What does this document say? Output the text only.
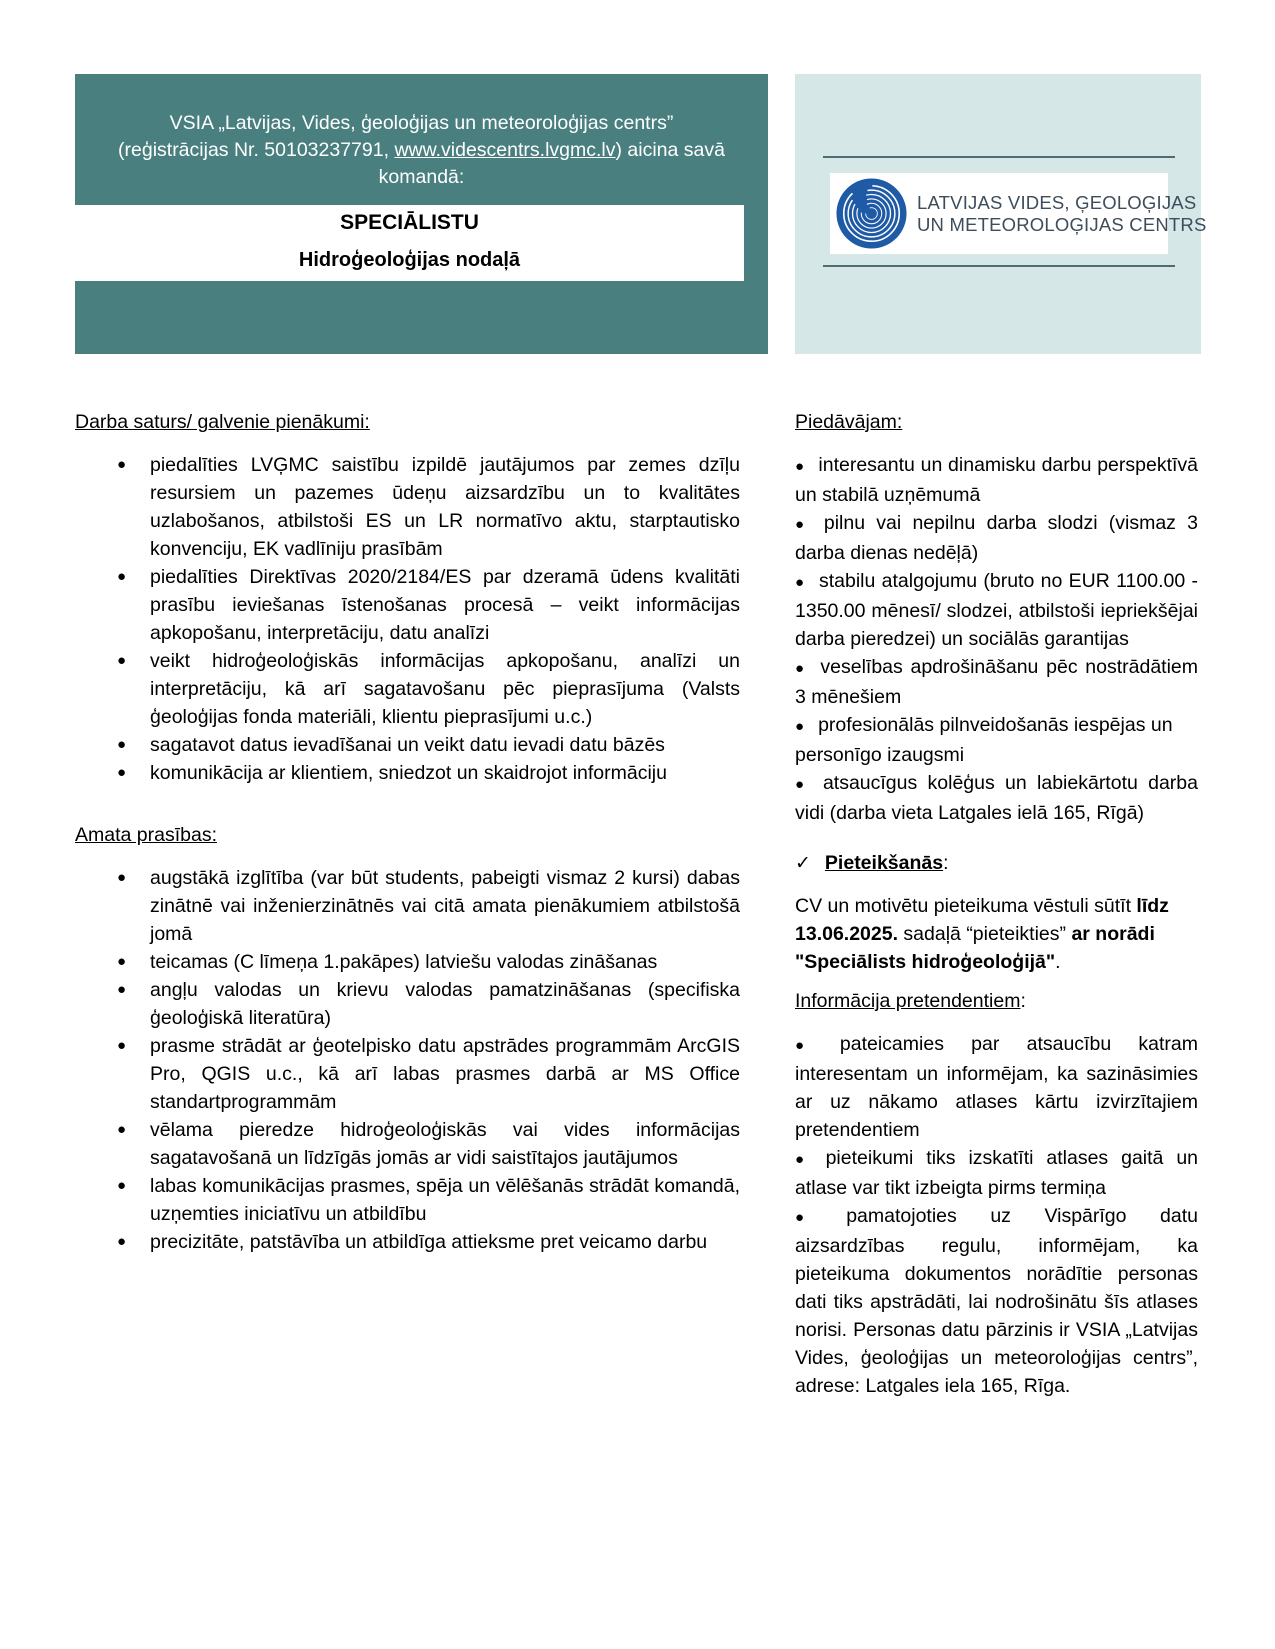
VSIA „Latvijas, Vides, ģeoloģijas un meteoroloģijas centrs”
(reģistrācijas Nr. 50103237791, www.videscentrs.lvgmc.lv) aicina savā
komandā:
SPECIĀLISTU
Hidroģeoloģijas nodaļā
LATVIJAS VIDES, ĢEOLOĢIJAS
UN METEOROLOĢIJAS CENTRS
Darba saturs/ galvenie pienākumi:
● piedalīties LVĢMC saistību izpildē jautājumos par zemes dzīļu resursiem un pazemes ūdeņu aizsardzību un to kvalitātes uzlabošanos, atbilstoši ES un LR normatīvo aktu, starptautisko konvenciju, EK vadlīniju prasībām
● piedalīties Direktīvas 2020/2184/ES par dzeramā ūdens kvalitāti prasību ieviešanas īstenošanas procesā – veikt informācijas apkopošanu, interpretāciju, datu analīzi
● veikt hidroģeoloģiskās informācijas apkopošanu, analīzi un interpretāciju, kā arī sagatavošanu pēc pieprasījuma (Valsts ģeoloģijas fonda materiāli, klientu pieprasījumi u.c.)
● sagatavot datus ievadīšanai un veikt datu ievadi datu bāzēs
● komunikācija ar klientiem, sniedzot un skaidrojot informāciju
Amata prasības:
● augstākā izglītība (var būt students, pabeigti vismaz 2 kursi) dabas zinātnē vai inženierzinātnēs vai citā amata pienākumiem atbilstošā jomā
● teicamas (C līmeņa 1.pakāpes) latviešu valodas zināšanas
● angļu valodas un krievu valodas pamatzināšanas (specifiska ģeoloģiskā literatūra)
● prasme strādāt ar ģeotelpisko datu apstrādes programmām ArcGIS Pro, QGIS u.c., kā arī labas prasmes darbā ar MS Office standartprogrammām
● vēlama pieredze hidroģeoloģiskās vai vides informācijas sagatavošanā un līdzīgās jomās ar vidi saistītajos jautājumos
● labas komunikācijas prasmes, spēja un vēlēšanās strādāt komandā, uzņemties iniciatīvu un atbildību
● precizitāte, patstāvība un atbildīga attieksme pret veicamo darbu
Piedāvājam:
● interesantu un dinamisku darbu perspektīvā un stabilā uzņēmumā
● pilnu vai nepilnu darba slodzi (vismaz 3 darba dienas nedēļā)
● stabilu atalgojumu (bruto no EUR 1100.00 - 1350.00 mēnesī/ slodzei, atbilstoši iepriekšējai darba pieredzei) un sociālās garantijas
● veselības apdrošināšanu pēc nostrādātiem 3 mēnešiem
● profesionālās pilnveidošanās iespējas un personīgo izaugsmi
● atsaucīgus kolēģus un labiekārtotu darba vidi (darba vieta Latgales ielā 165, Rīgā)
✓ Pieteikšanās:
CV un motivētu pieteikuma vēstuli sūtīt līdz 13.06.2025. sadaļā “pieteikties” ar norādi "Speciālists hidroģeoloģijā".
Informācija pretendentiem:
● pateicamies par atsaucību katram interesentam un informējam, ka sazināsimies ar uz nākamo atlases kārtu izvirzītajiem pretendentiem
● pieteikumi tiks izskatīti atlases gaitā un atlase var tikt izbeigta pirms termiņa
● pamatojoties uz Vispārīgo datu aizsardzības regulu, informējam, ka pieteikuma dokumentos norādītie personas dati tiks apstrādāti, lai nodrošinātu šīs atlases norisi. Personas datu pārzinis ir VSIA „Latvijas Vides, ģeoloģijas un meteoroloģijas centrs”, adrese: Latgales iela 165, Rīga.
